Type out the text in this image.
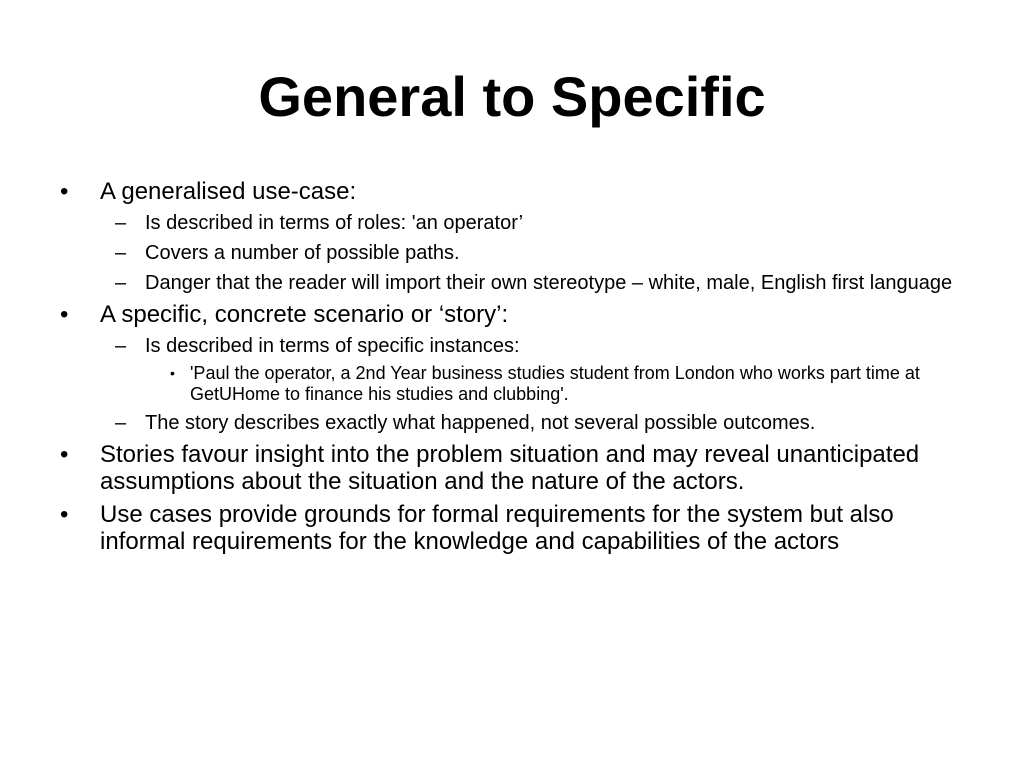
General to Specific
• A generalised use-case:
– Is described in terms of roles: 'an operator’
– Covers a number of possible paths.
– Danger that the reader will import their own stereotype – white, male, English first language
• A specific, concrete scenario or ‘story’:
– Is described in terms of specific instances:
• 'Paul the operator, a 2nd Year business studies student from London who works part time at GetUHome to finance his studies and clubbing'.
– The story describes exactly what happened, not several possible outcomes.
• Stories favour insight into the problem situation and may reveal unanticipated assumptions about the situation and the nature of the actors.
• Use cases provide grounds for formal requirements for the system but also informal requirements for the knowledge and capabilities of the actors
